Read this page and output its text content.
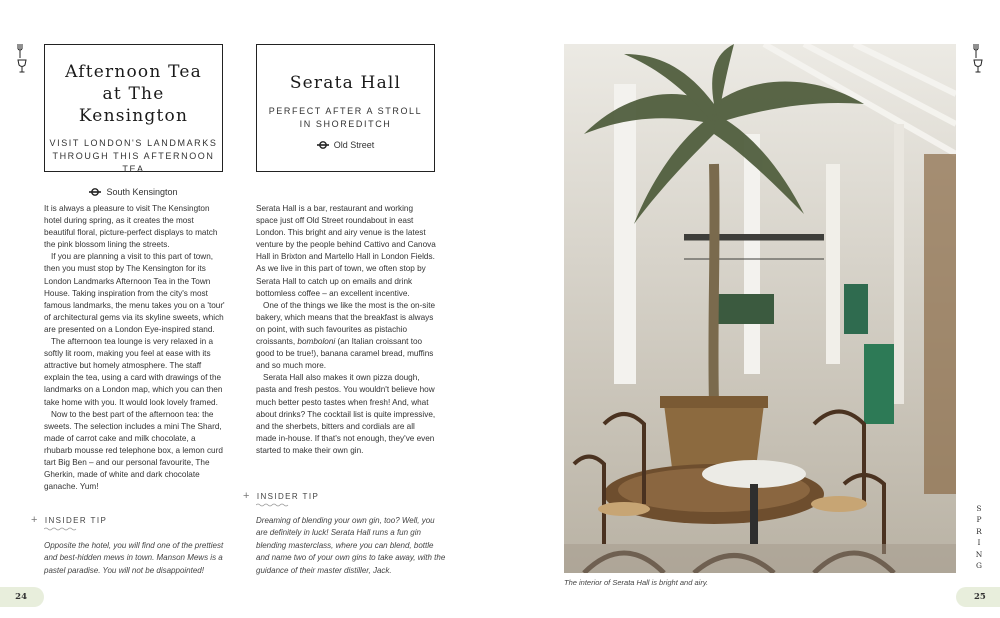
Afternoon Tea
at The Kensington
VISIT LONDON'S LANDMARKS
THROUGH THIS AFTERNOON TEA
South Kensington
Serata Hall
PERFECT AFTER A STROLL
IN SHOREDITCH
Old Street

It is always a pleasure to visit The Kensington hotel during spring, as it creates the most beautiful floral, picture-perfect displays to match the pink blossom lining the streets.

If you are planning a visit to this part of town, then you must stop by The Kensington for its London Landmarks Afternoon Tea in the Town House. Taking inspiration from the city's most famous landmarks, the menu takes you on a 'tour' of architectural gems via its skyline sweets, which are presented on a London Eye-inspired stand.

The afternoon tea lounge is very relaxed in a softly lit room, making you feel at ease with its attractive but homely atmosphere. The staff explain the tea, using a card with drawings of the landmarks on a London map, which you can then take home with you. It would look lovely framed.

Now to the best part of the afternoon tea: the sweets. The selection includes a mini The Shard, made of carrot cake and milk chocolate, a rhubarb mousse red telephone box, a lemon curd tart Big Ben – and our personal favourite, The Gherkin, made of white and dark chocolate ganache. Yum!

+ INSIDER TIP
Opposite the hotel, you will find one of the prettiest and best-hidden mews in town. Manson Mews is a pastel paradise. You will not be disappointed!

Serata Hall is a bar, restaurant and working space just off Old Street roundabout in east London. This bright and airy venue is the latest venture by the people behind Cattivo and Canova Hall in Brixton and Martello Hall in London Fields. As we live in this part of town, we often stop by Serata Hall to catch up on emails and drink bottomless coffee – an excellent incentive.

One of the things we like the most is the on-site bakery, which means that the breakfast is always on point, with such favourites as pistachio croissants, bomboloni (an Italian croissant too good to be true!), banana caramel bread, muffins and so much more.

Serata Hall also makes it own pizza dough, pasta and fresh pestos. You wouldn't believe how much better pesto tastes when fresh! And, what about drinks? The cocktail list is quite impressive, and the sherbets, bitters and cordials are all made in-house. If that's not enough, they've even started to make their own gin.

+ INSIDER TIP
Dreaming of blending your own gin, too? Well, you are definitely in luck! Serata Hall runs a fun gin blending masterclass, where you can blend, bottle and name two of your own gins to take away, with the guidance of their master distiller, Jack.
The interior of Serata Hall is bright and airy.
24	25
S
P
R
I
N
G
